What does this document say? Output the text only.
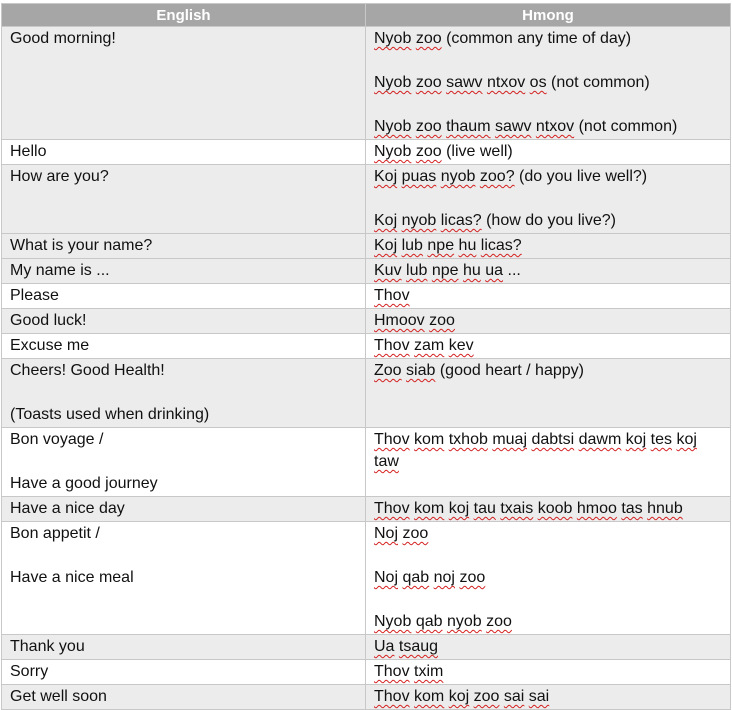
English	Hmong

Good morning!	Nyob zoo (common any time of day)
Nyob zoo sawv ntxov os (not common)
Nyob zoo thaum sawv ntxov (not common)

Hello	Nyob zoo (live well)

How are you?	Koj puas nyob zoo? (do you live well?)
Koj nyob licas? (how do you live?)

What is your name?	Koj lub npe hu licas?

My name is ...	Kuv lub npe hu ua ...

Please	Thov

Good luck!	Hmoov zoo

Excuse me	Thov zam kev

Cheers! Good Health!
(Toasts used when drinking)	Zoo siab (good heart / happy)

Bon voyage /
Have a good journey	Thov kom txhob muaj dabtsi dawm koj tes koj taw

Have a nice day	Thov kom koj tau txais koob hmoo tas hnub

Bon appetit /
Have a nice meal	Noj zoo
Noj qab noj zoo
Nyob qab nyob zoo

Thank you	Ua tsaug

Sorry	Thov txim

Get well soon	Thov kom koj zoo sai sai
